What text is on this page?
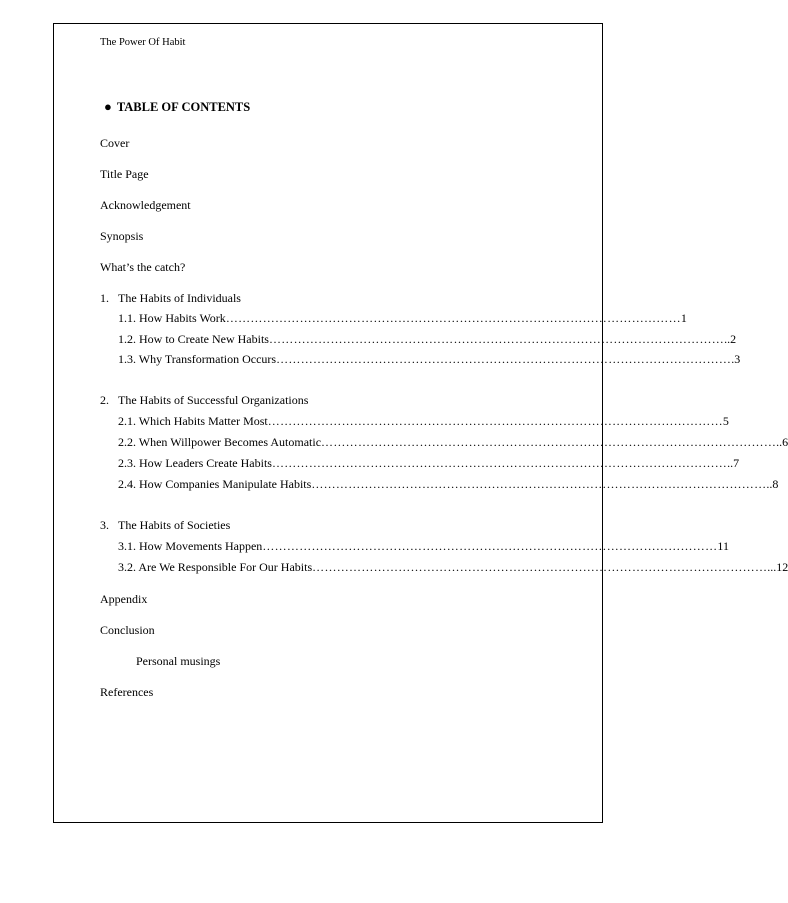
The Power Of Habit
● TABLE OF CONTENTS
Cover
Title Page
Acknowledgement
Synopsis
What’s the catch?
1. The Habits of Individuals
1.1. How Habits Work ………………………………………………………………………………………………… 1
1.2. How to Create New Habits ………………………………………………………………………………………………… ..2
1.3. Why Transformation Occurs ………………………………………………………………………………………………… .3
2. The Habits of Successful Organizations
2.1. Which Habits Matter Most ………………………………………………………………………………………………… 5
2.2. When Willpower Becomes Automatic ………………………………………………………………………………………………… ..6
2.3. How Leaders Create Habits ………………………………………………………………………………………………… ..7
2.4. How Companies Manipulate Habits ………………………………………………………………………………………………… ..8
3. The Habits of Societies
3.1. How Movements Happen ………………………………………………………………………………………………… 11
3.2. Are We Responsible For Our Habits ………………………………………………………………………………………………… ...12
Appendix
Conclusion
Personal musings
References
